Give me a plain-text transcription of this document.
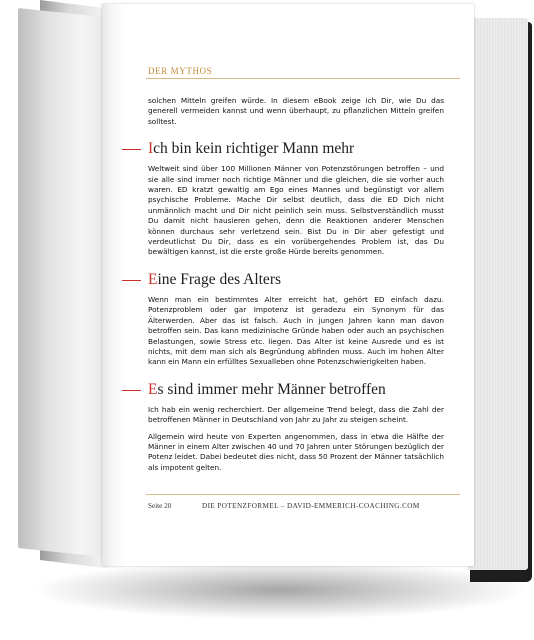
DER MYTHOS

solchen Mitteln greifen würde. In diesem eBook zeige ich Dir, wie Du das generell vermeiden kannst und wenn überhaupt, zu pflanzlichen Mitteln greifen solltest.

Ich bin kein richtiger Mann mehr

Weltweit sind über 100 Millionen Männer von Potenzstörungen betroffen – und sie alle sind immer noch richtige Männer und die gleichen, die sie vorher auch waren. ED kratzt gewaltig am Ego eines Mannes und begünstigt vor allem psychische Probleme. Mache Dir selbst deutlich, dass die ED Dich nicht unmännlich macht und Dir nicht peinlich sein muss. Selbstverständlich musst Du damit nicht hausieren gehen, denn die Reaktionen anderer Menschen können durchaus sehr verletzend sein. Bist Du in Dir aber gefestigt und verdeutlichst Du Dir, dass es ein vorübergehendes Problem ist, das Du bewältigen kannst, ist die erste große Hürde bereits genommen.

Eine Frage des Alters

Wenn man ein bestimmtes Alter erreicht hat, gehört ED einfach dazu. Potenzproblem oder gar Impotenz ist geradezu ein Synonym für das Älterwerden. Aber das ist falsch. Auch in jungen Jahren kann man davon betroffen sein. Das kann medizinische Gründe haben oder auch an psychischen Belastungen, sowie Stress etc. liegen. Das Alter ist keine Ausrede und es ist nichts, mit dem man sich als Begründung abfinden muss. Auch im hohen Alter kann ein Mann ein erfülltes Sexualleben ohne Potenzschwierigkeiten haben.

Es sind immer mehr Männer betroffen

Ich hab ein wenig recherchiert. Der allgemeine Trend belegt, dass die Zahl der betroffenen Männer in Deutschland von Jahr zu Jahr zu steigen scheint.

Allgemein wird heute von Experten angenommen, dass in etwa die Hälfte der Männer in einem Alter zwischen 40 und 70 Jahren unter Störungen bezüglich der Potenz leidet. Dabei bedeutet dies nicht, dass 50 Prozent der Männer tatsächlich als impotent gelten.

Seite 20	DIE POTENZFORMEL – DAVID-EMMERICH-COACHING.COM
